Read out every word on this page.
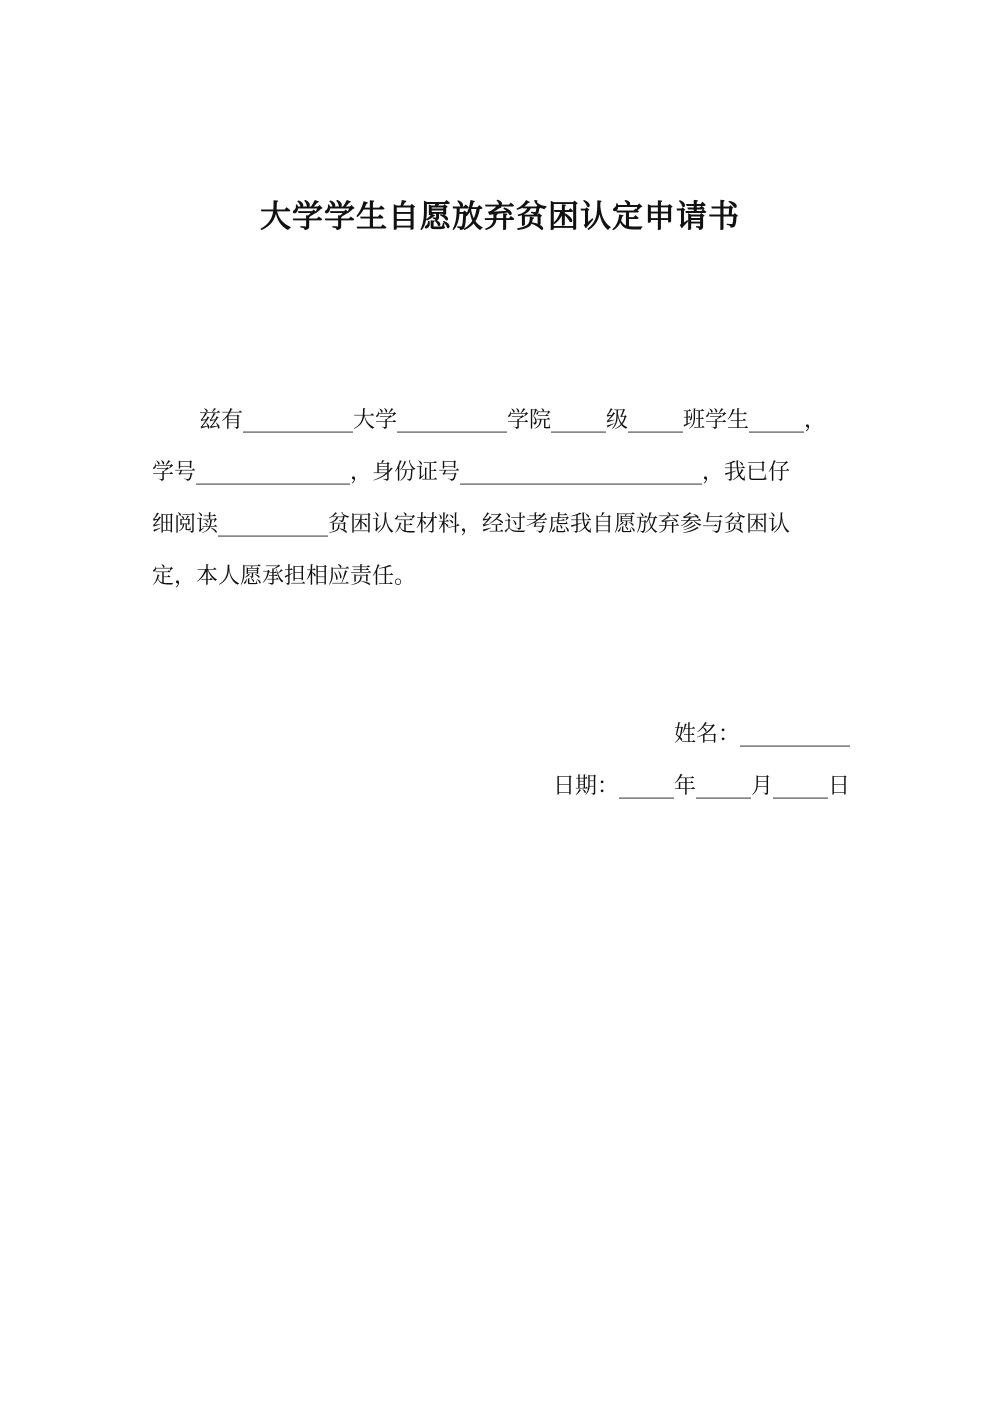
大学学生自愿放弃贫困认定申请书
兹有__________大学__________学院_____级_____班学生_____，
学号______________，身份证号______________________，我已仔
细阅读__________贫困认定材料，经过考虑我自愿放弃参与贫困认
定，本人愿承担相应责任。
姓名：__________
日期：_____年_____月_____日
